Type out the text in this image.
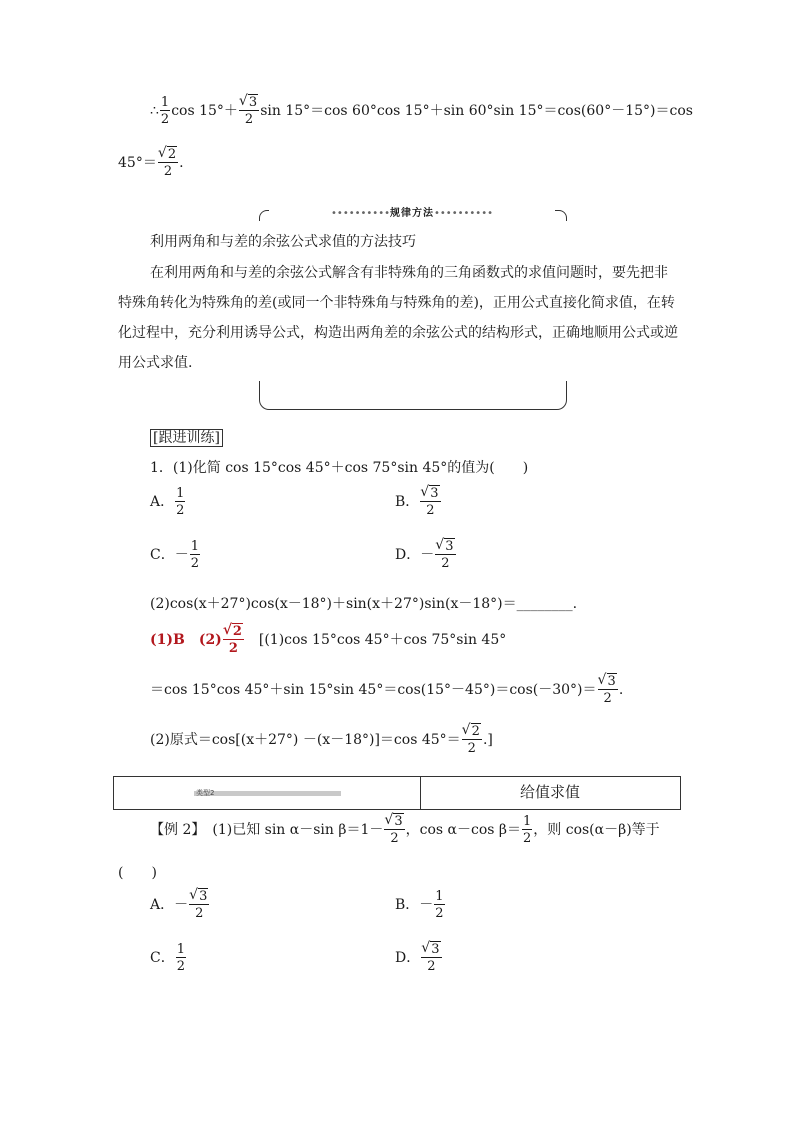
∴ $\frac{1}{2}$ cos 15°＋ √ $\frac{3}{2}$ sin 15°＝cos 60°cos 15°＋sin 60°sin 15°＝cos(60°－15°)＝cos
45°＝ √ $\frac{2}{2}$ .
••••••••••规律方法••••••••••
利用两角和与差的余弦公式求值的方法技巧
在利用两角和与差的余弦公式解含有非特殊角的三角函数式的求值问题时，要先把非特殊角转化为特殊角的差(或同一个非特殊角与特殊角的差)，正用公式直接化简求值，在转化过程中，充分利用诱导公式，构造出两角差的余弦公式的结构形式，正确地顺用公式或逆用公式求值.
[跟进训练]
1．(1)化简 cos 15°cos 45°＋cos 75°sin 45°的值为(　　)
A． $\frac{1}{2}$	B． √ $\frac{3}{2}$
C．－ $\frac{1}{2}$	D．－ √ $\frac{3}{2}$
(2)cos(x＋27°)cos(x－18°)＋sin(x＋27°)sin(x－18°)＝________.
(1)B　(2) √ $\frac{2}{2}$
　 [(1)cos 15°cos 45°＋cos 75°sin 45°
＝cos 15°cos 45°＋sin 15°sin 45°＝cos(15°－45°)＝cos(－30°)＝ √ $\frac{3}{2}$ .
(2)原式＝cos[(x＋27°) －(x－18°)]＝cos 45°＝ √ $\frac{2}{2}$ .]
类型2	给值求值
【例 2】　 (1)已知 sin α－sin β＝1－ √ $\frac{3}{2}$ ，cos α－cos $\beta= \frac{1}{2}$ ，则 cos(α－β)等于
(　　)
A．－ √ $\frac{3}{2}$	B．－ $\frac{1}{2}$
C． $\frac{1}{2}$	D． √ $\frac{3}{2}$
